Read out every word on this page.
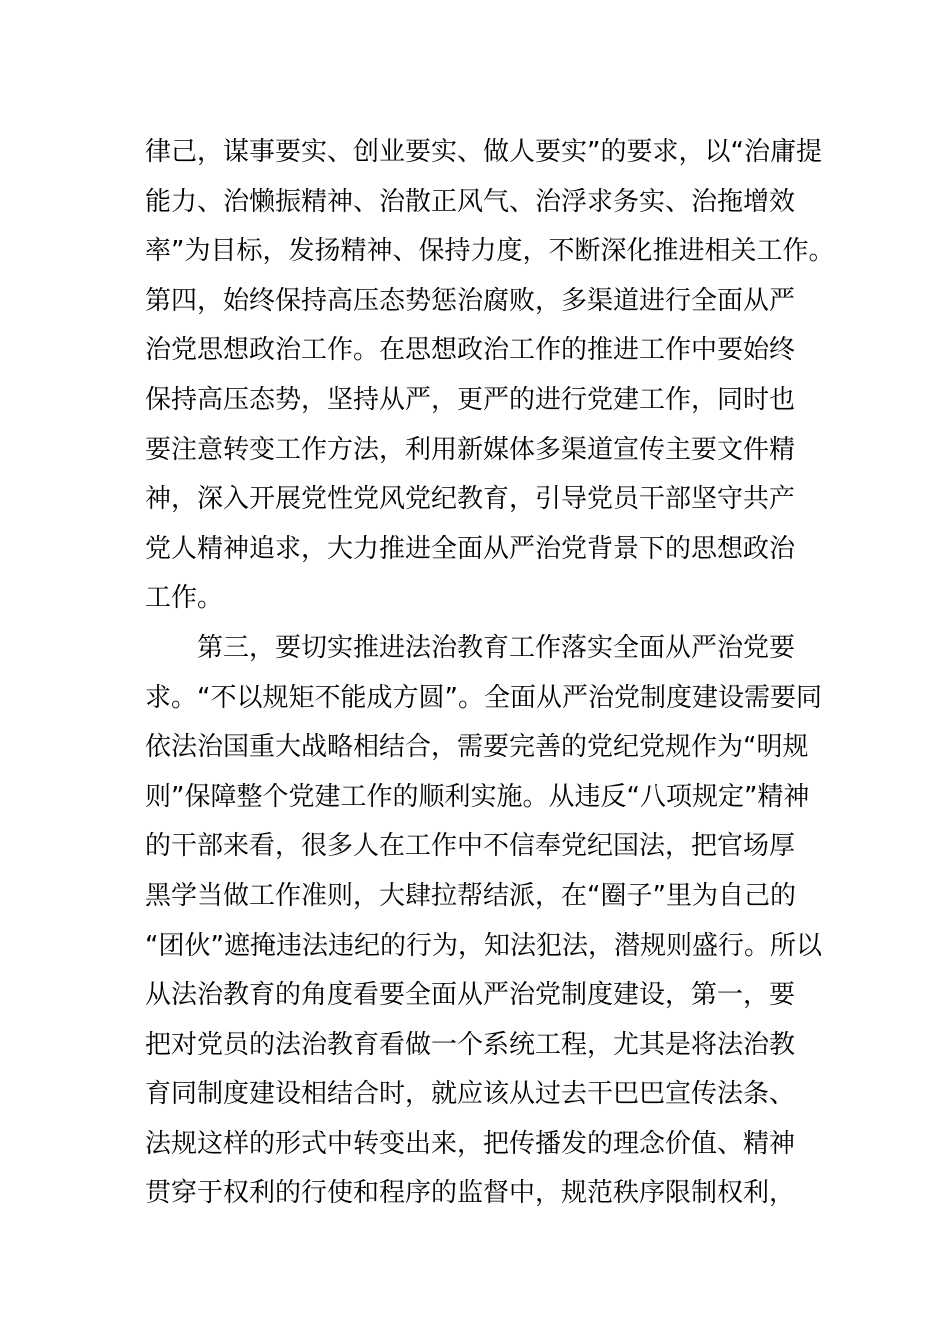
律己，谋事要实、创业要实、做人要实”的要求，以“治庸提
能力、治懒振精神、治散正风气、治浮求务实、治拖增效
率”为目标，发扬精神、保持力度，不断深化推进相关工作。
第四，始终保持高压态势惩治腐败，多渠道进行全面从严
治党思想政治工作。在思想政治工作的推进工作中要始终
保持高压态势，坚持从严，更严的进行党建工作，同时也
要注意转变工作方法，利用新媒体多渠道宣传主要文件精
神，深入开展党性党风党纪教育，引导党员干部坚守共产
党人精神追求，大力推进全面从严治党背景下的思想政治
工作。
第三，要切实推进法治教育工作落实全面从严治党要
求。“不以规矩不能成方圆”。全面从严治党制度建设需要同
依法治国重大战略相结合，需要完善的党纪党规作为“明规
则”保障整个党建工作的顺利实施。从违反“八项规定”精神
的干部来看，很多人在工作中不信奉党纪国法，把官场厚
黑学当做工作准则，大肆拉帮结派，在“圈子”里为自己的
“团伙”遮掩违法违纪的行为，知法犯法，潜规则盛行。所以
从法治教育的角度看要全面从严治党制度建设，第一，要
把对党员的法治教育看做一个系统工程，尤其是将法治教
育同制度建设相结合时，就应该从过去干巴巴宣传法条、
法规这样的形式中转变出来，把传播发的理念价值、精神
贯穿于权利的行使和程序的监督中，规范秩序限制权利，
